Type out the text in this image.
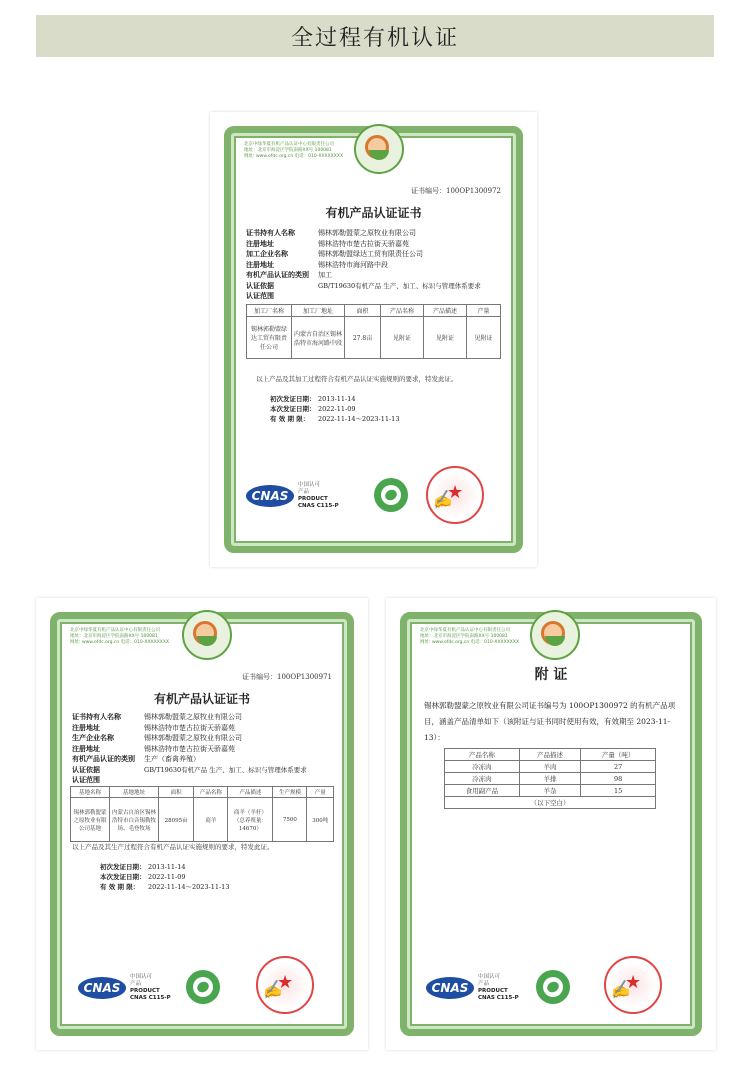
全过程有机认证
北京中绿华夏有机产品认证中心有限责任公司
地址：北京市海淀区学院南路XX号 100081
网址: www.ofdc.org.cn 电话：010-XXXXXXXX
证书编号：100OP1300972
有机产品认证证书
证书持有人名称	锡林郭勒盟蒙之原牧业有限公司
注册地址	锡林浩特市楚古拉街天骄嘉苑
加工企业名称	锡林郭勒盟绿达工贸有限责任公司
注册地址	锡林浩特市海河路中段
有机产品认证的类别	加工
认证依据	GB/T19630有机产品 生产、加工、标识与管理体系要求
认证范围
加工厂名称	加工厂地址	面积	产品名称	产品描述	产量
锡林郭勒盟绿达工贸有限责任公司	内蒙古自治区锡林浩特市海河路中段	27.8亩	见附证	见附证	见附证
以上产品及其加工过程符合有机产品认证实施规则的要求，特发此证。
初次发证日期： 2013-11-14
本次发证日期： 2022-11-09
有 效 期 限： 2022-11-14～2023-11-13
CNAS
中国认可
产品
PRODUCT
CNAS C115-P ★	✍
北京中绿华夏有机产品认证中心有限责任公司
地址：北京市海淀区学院南路XX号 100081
网址: www.ofdc.org.cn 电话：010-XXXXXXXX
证书编号：100OP1300971
有机产品认证证书
证书持有人名称	锡林郭勒盟蒙之原牧业有限公司
注册地址	锡林浩特市楚古拉街天骄嘉苑
生产企业名称	锡林郭勒盟蒙之原牧业有限公司
注册地址	锡林浩特市楚古拉街天骄嘉苑
有机产品认证的类别	生产（畜禽养殖）
认证依据	GB/T19630有机产品 生产、加工、标识与管理体系要求
认证范围
基地名称	基地地址	面积	产品名称	产品描述	生产规模	产量
锡林郭勒盟蒙之原牧业有限公司基地	内蒙古自治区锡林浩特市白音锡勒牧场、毛登牧场	28095亩	商羊	商羊（羊杆）（总养殖量：14670）	7500	300吨
以上产品及其生产过程符合有机产品认证实施规则的要求，特发此证。
初次发证日期： 2013-11-14
本次发证日期： 2022-11-09
有 效 期 限： 2022-11-14～2023-11-13
CNAS
中国认可
产品
PRODUCT
CNAS C115-P ★	✍
北京中绿华夏有机产品认证中心有限责任公司
地址：北京市海淀区学院南路XX号 100081
网址: www.ofdc.org.cn 电话：010-XXXXXXXX
附 证
锡林郭勒盟蒙之原牧业有限公司证书编号为 100OP1300972 的有机产品项目，涵盖产品清单如下（该附证与证书同时使用有效，有效期至 2023-11-13）：
产品名称	产品描述	产量（吨）
冷冻肉	羊肉	27
冷冻肉	羊排	98
食用副产品	羊杂	15
（以下空白）		
CNAS
中国认可
产品
PRODUCT
CNAS C115-P ★	✍
